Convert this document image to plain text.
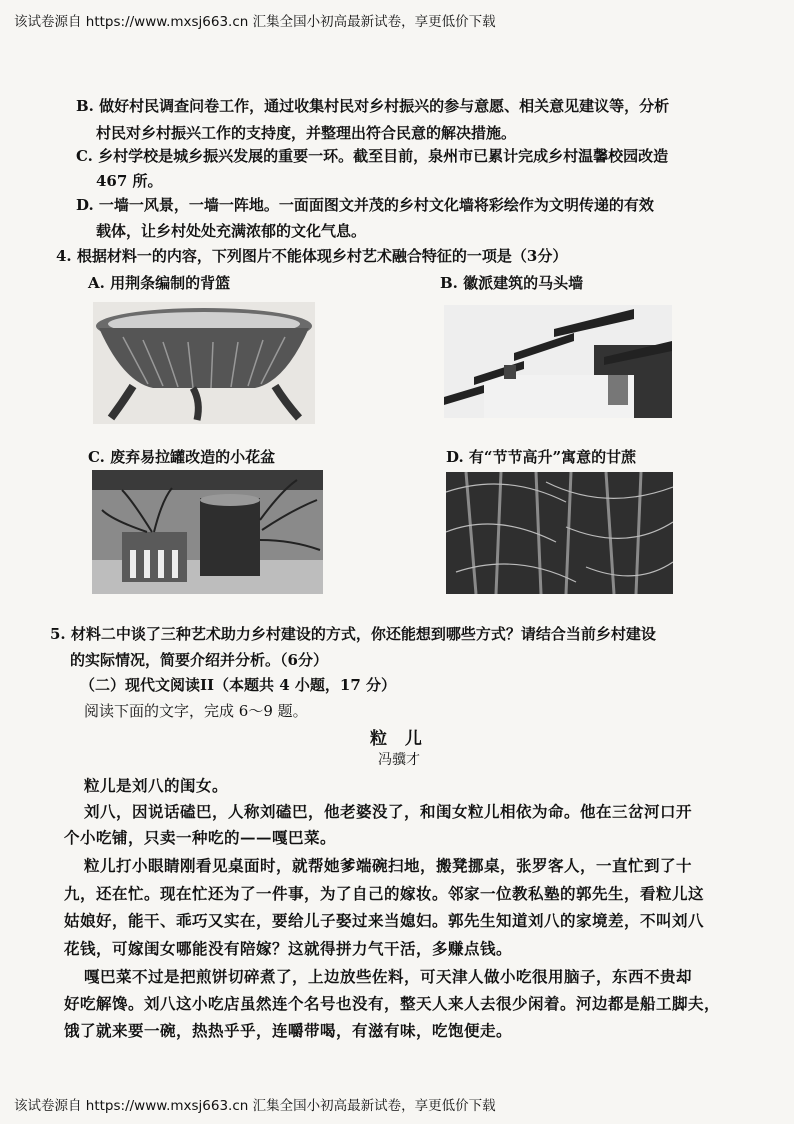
该试卷源自 https://www.mxsj663.cn 汇集全国小初高最新试卷，享更低价下载
B. 做好村民调查问卷工作，通过收集村民对乡村振兴的参与意愿、相关意见建议等，分析
村民对乡村振兴工作的支持度，并整理出符合民意的解决措施。
C. 乡村学校是城乡振兴发展的重要一环。截至目前，泉州市已累计完成乡村温馨校园改造
467 所。
D. 一墙一风景，一墙一阵地。一面面图文并茂的乡村文化墙将彩绘作为文明传递的有效
载体，让乡村处处充满浓郁的文化气息。
4. 根据材料一的内容，下列图片不能体现乡村艺术融合特征的一项是（3分）
A. 用荆条编制的背篮	B. 徽派建筑的马头墙
C. 废弃易拉罐改造的小花盆	D. 有“节节高升”寓意的甘蔗
5. 材料二中谈了三种艺术助力乡村建设的方式，你还能想到哪些方式？请结合当前乡村建设
的实际情况，简要介绍并分析。（6分）
（二）现代文阅读II（本题共 4 小题，17 分）
阅读下面的文字，完成 6～9 题。
粒 儿
冯骥才
粒儿是刘八的闺女。
刘八，因说话磕巴，人称刘磕巴，他老婆没了，和闺女粒儿相依为命。他在三岔河口开
个小吃铺，只卖一种吃的——嘎巴菜。
粒儿打小眼睛刚看见桌面时，就帮她爹端碗扫地，搬凳挪桌，张罗客人，一直忙到了十
九，还在忙。现在忙还为了一件事，为了自己的嫁妆。邻家一位教私塾的郭先生，看粒儿这
姑娘好，能干、乖巧又实在，要给儿子娶过来当媳妇。郭先生知道刘八的家境差，不叫刘八
花钱，可嫁闺女哪能没有陪嫁？这就得拼力气干活，多赚点钱。
嘎巴菜不过是把煎饼切碎煮了，上边放些佐料，可天津人做小吃很用脑子，东西不贵却
好吃解馋。刘八这小吃店虽然连个名号也没有，整天人来人去很少闲着。河边都是船工脚夫，
饿了就来要一碗，热热乎乎，连嚼带喝，有滋有味，吃饱便走。
该试卷源自 https://www.mxsj663.cn 汇集全国小初高最新试卷，享更低价下载
